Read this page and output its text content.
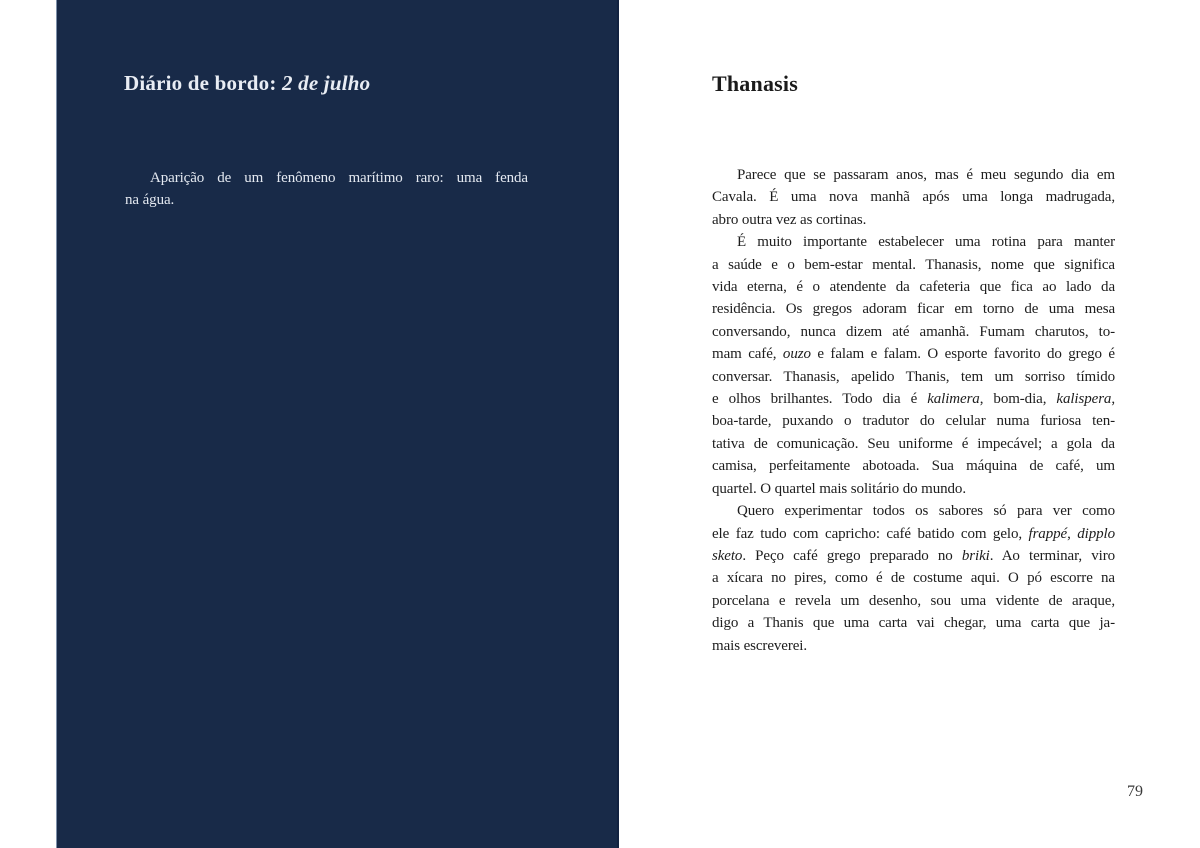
Diário de bordo: 2 de julho
Aparição de um fenômeno marítimo raro: uma fenda
na água.
Thanasis
Parece que se passaram anos, mas é meu segundo dia em
Cavala. É uma nova manhã após uma longa madrugada,
abro outra vez as cortinas.
É muito importante estabelecer uma rotina para manter
a saúde e o bem-estar mental. Thanasis, nome que significa
vida eterna, é o atendente da cafeteria que fica ao lado da
residência. Os gregos adoram ficar em torno de uma mesa
conversando, nunca dizem até amanhã. Fumam charutos, to-
mam café, ouzo e falam e falam. O esporte favorito do grego é
conversar. Thanasis, apelido Thanis, tem um sorriso tímido
e olhos brilhantes. Todo dia é kalimera, bom-dia, kalispera,
boa-tarde, puxando o tradutor do celular numa furiosa ten-
tativa de comunicação. Seu uniforme é impecável; a gola da
camisa, perfeitamente abotoada. Sua máquina de café, um
quartel. O quartel mais solitário do mundo.
Quero experimentar todos os sabores só para ver como
ele faz tudo com capricho: café batido com gelo, frappé, dipplo
sketo. Peço café grego preparado no briki. Ao terminar, viro
a xícara no pires, como é de costume aqui. O pó escorre na
porcelana e revela um desenho, sou uma vidente de araque,
digo a Thanis que uma carta vai chegar, uma carta que ja-
mais escreverei.
79
